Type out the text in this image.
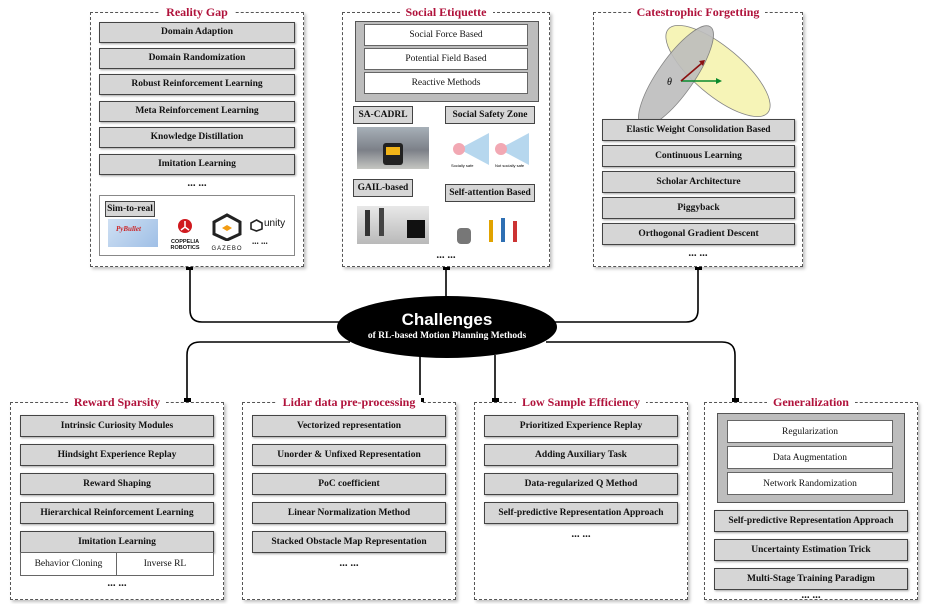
Challenges
of RL-based Motion Planning Methods
Reality Gap
Domain Adaption
Domain Randomization
Robust Reinforcement Learning
Meta Reinforcement Learning
Knowledge Distillation
Imitation Learning
... ...
Sim-to-real
PyBullet
COPPELIA ROBOTICS	GAZEBO
unity
... ...
Social Etiquette
Social Force Based
Potential Field Based
Reactive Methods
SA-CADRL	Social Safety Zone
Socially safe	Not socially safe
GAIL-based	Self-attention Based
... ...
Catestrophic Forgetting
θ
Elastic Weight Consolidation Based
Continuous Learning
Scholar Architecture
Piggyback
Orthogonal Gradient Descent
... ...
Reward Sparsity
Intrinsic Curiosity Modules
Hindsight Experience Replay
Reward Shaping
Hierarchical Reinforcement Learning
Imitation Learning
Behavior Cloning	Inverse RL
... ...
Lidar data pre-processing
Vectorized representation
Unorder & Unfixed Representation
PoC coefficient
Linear Normalization Method
Stacked Obstacle Map Representation
... ...
Low Sample Efficiency
Prioritized Experience Replay
Adding Auxiliary Task
Data-regularized Q Method
Self-predictive Representation Approach
... ...
Generalization
Regularization
Data Augmentation
Network Randomization
Self-predictive Representation Approach
Uncertainty Estimation Trick
Multi-Stage Training Paradigm
... ...
